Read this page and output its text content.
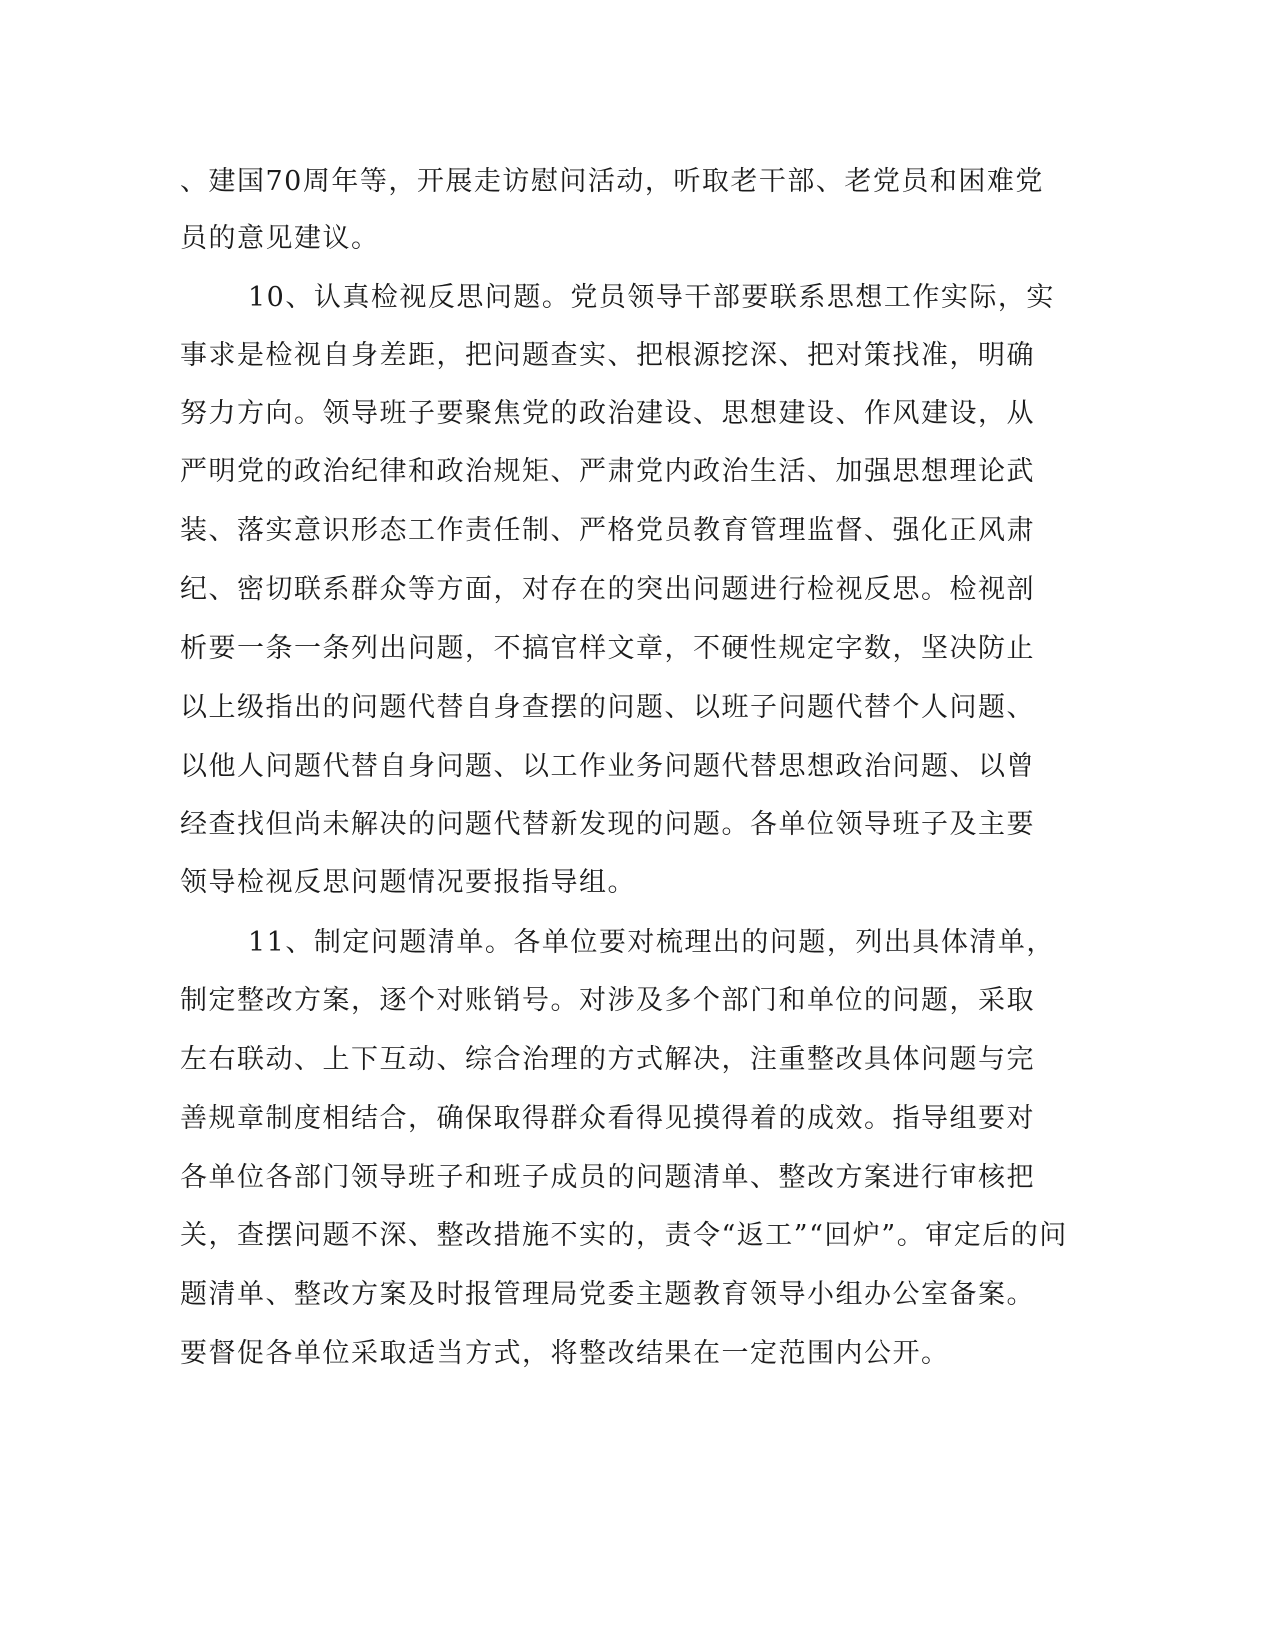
、建国70周年等，开展走访慰问活动，听取老干部、老党员和困难党
员的意见建议。
10、认真检视反思问题。党员领导干部要联系思想工作实际，实
事求是检视自身差距，把问题查实、把根源挖深、把对策找准，明确
努力方向。领导班子要聚焦党的政治建设、思想建设、作风建设，从
严明党的政治纪律和政治规矩、严肃党内政治生活、加强思想理论武
装、落实意识形态工作责任制、严格党员教育管理监督、强化正风肃
纪、密切联系群众等方面，对存在的突出问题进行检视反思。检视剖
析要一条一条列出问题，不搞官样文章，不硬性规定字数，坚决防止
以上级指出的问题代替自身查摆的问题、以班子问题代替个人问题、
以他人问题代替自身问题、以工作业务问题代替思想政治问题、以曾
经查找但尚未解决的问题代替新发现的问题。各单位领导班子及主要
领导检视反思问题情况要报指导组。
11、制定问题清单。各单位要对梳理出的问题，列出具体清单，
制定整改方案，逐个对账销号。对涉及多个部门和单位的问题，采取
左右联动、上下互动、综合治理的方式解决，注重整改具体问题与完
善规章制度相结合，确保取得群众看得见摸得着的成效。指导组要对
各单位各部门领导班子和班子成员的问题清单、整改方案进行审核把
关，查摆问题不深、整改措施不实的，责令“返工”“回炉”。审定后的问
题清单、整改方案及时报管理局党委主题教育领导小组办公室备案。
要督促各单位采取适当方式，将整改结果在一定范围内公开。
